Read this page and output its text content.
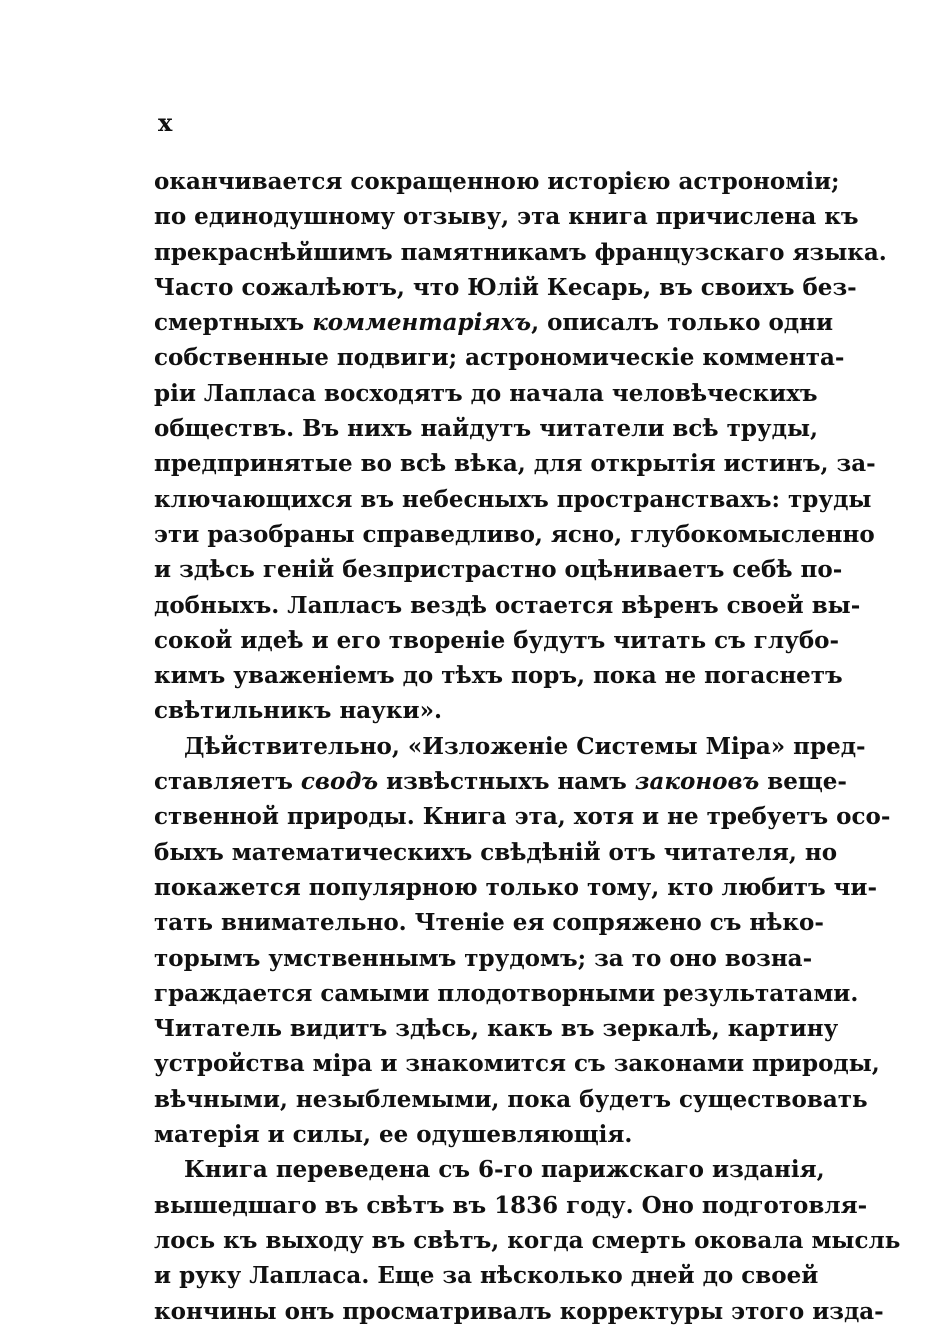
x
оканчивается сокращенною исторією астрономіи;
по единодушному отзыву, эта книга причислена къ
прекраснѣйшимъ памятникамъ французскаго языка.
Часто сожалѣютъ, что Юлій Кесарь, въ своихъ без-
смертныхъ комментаріяхъ, описалъ только одни
собственные подвиги; астрономическіе коммента-
ріи Лапласа восходятъ до начала человѣческихъ
обществъ. Въ нихъ найдутъ читатели всѣ труды,
предпринятые во всѣ вѣка, для открытія истинъ, за-
ключающихся въ небесныхъ пространствахъ: труды
эти разобраны справедливо, ясно, глубокомысленно
и здѣсь геній безпристрастно оцѣниваетъ себѣ по-
добныхъ. Лапласъ вездѣ остается вѣренъ своей вы-
сокой идеѣ и его твореніе будутъ читать съ глубо-
кимъ уваженіемъ до тѣхъ поръ, пока не погаснетъ
свѣтильникъ науки».
Дѣйствительно, «Изложеніе Системы Міра» пред-
ставляетъ сводъ извѣстныхъ намъ законовъ веще-
ственной природы. Книга эта, хотя и не требуетъ осо-
быхъ математическихъ свѣдѣній отъ читателя, но
покажется популярною только тому, кто любитъ чи-
тать внимательно. Чтеніе ея сопряжено съ нѣко-
торымъ умственнымъ трудомъ; за то оно возна-
граждается самыми плодотворными результатами.
Читатель видитъ здѣсь, какъ въ зеркалѣ, картину
устройства міра и знакомится съ законами природы,
вѣчными, незыблемыми, пока будетъ существовать
матерія и силы, ее одушевляющія.
Книга переведена съ 6-го парижскаго изданія,
вышедшаго въ свѣтъ въ 1836 году. Оно подготовля-
лось къ выходу въ свѣтъ, когда смерть оковала мысль
и руку Лапласа. Еще за нѣсколько дней до своей
кончины онъ просматривалъ корректуры этого изда-
